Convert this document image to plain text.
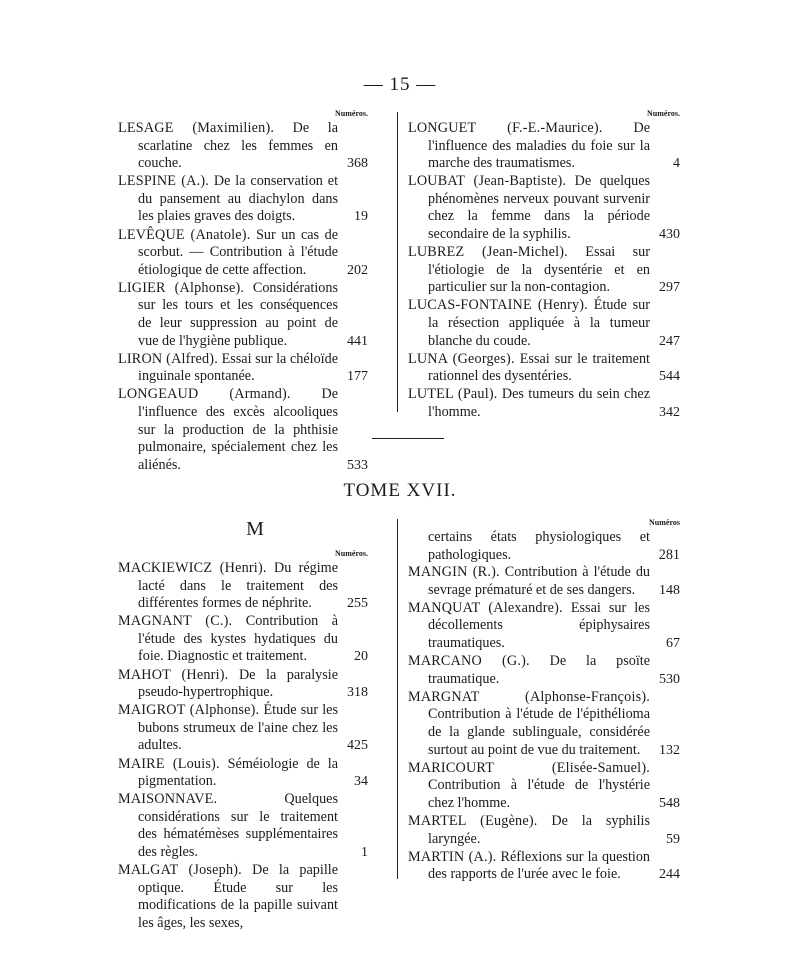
— 15 —
Numéros.
LESAGE (Maximilien). De la scarlatine chez les femmes en couche.	368
LESPINE (A.). De la conservation et du pansement au diachylon dans les plaies graves des doigts.	19
LEVÊQUE (Anatole). Sur un cas de scorbut. — Contribution à l'étude étiologique de cette affection.	202
LIGIER (Alphonse). Considérations sur les tours et les conséquences de leur suppression au point de vue de l'hygiène publique.	441
LIRON (Alfred). Essai sur la chéloïde inguinale spontanée.	177
LONGEAUD (Armand). De l'influence des excès alcooliques sur la production de la phthisie pulmonaire, spécialement chez les aliénés.	533
Numéros.
LONGUET (F.-E.-Maurice). De l'influence des maladies du foie sur la marche des traumatismes.	4
LOUBAT (Jean-Baptiste). De quelques phénomènes nerveux pouvant survenir chez la femme dans la période secondaire de la syphilis.	430
LUBREZ (Jean-Michel). Essai sur l'étiologie de la dysentérie et en particulier sur la non-contagion.	297
LUCAS-FONTAINE (Henry). Étude sur la résection appliquée à la tumeur blanche du coude.	247
LUNA (Georges). Essai sur le traitement rationnel des dysentéries.	544
LUTEL (Paul). Des tumeurs du sein chez l'homme.	342
TOME XVII.
M
Numéros.
MACKIEWICZ (Henri). Du régime lacté dans le traitement des différentes formes de néphrite.	255
MAGNANT (C.). Contribution à l'étude des kystes hydatiques du foie. Diagnostic et traitement.	20
MAHOT (Henri). De la paralysie pseudo-hypertrophique.	318
MAIGROT (Alphonse). Étude sur les bubons strumeux de l'aine chez les adultes.	425
MAIRE (Louis). Séméiologie de la pigmentation.	34
MAISONNAVE.	Quelques considérations sur le traitement des hématémèses supplémentaires des règles.	1
MALGAT (Joseph). De la papille optique. Étude sur les modifications de la papille suivant les âges, les sexes,
Numéros
certains états physiologiques et pathologiques.	281
MANGIN (R.). Contribution à l'étude du sevrage prématuré et de ses dangers.	148
MANQUAT (Alexandre). Essai sur les décollements épiphysaires traumatiques.	67
MARCANO (G.). De la psoïte traumatique.	530
MARGNAT (Alphonse-François). Contribution à l'étude de l'épithélioma de la glande sublinguale, considérée surtout au point de vue du traitement.	132
MARICOURT (Elisée-Samuel). Contribution à l'étude de l'hystérie chez l'homme.	548
MARTEL (Eugène). De la syphilis laryngée.	59
MARTIN (A.). Réflexions sur la question des rapports de l'urée avec le foie.	244
